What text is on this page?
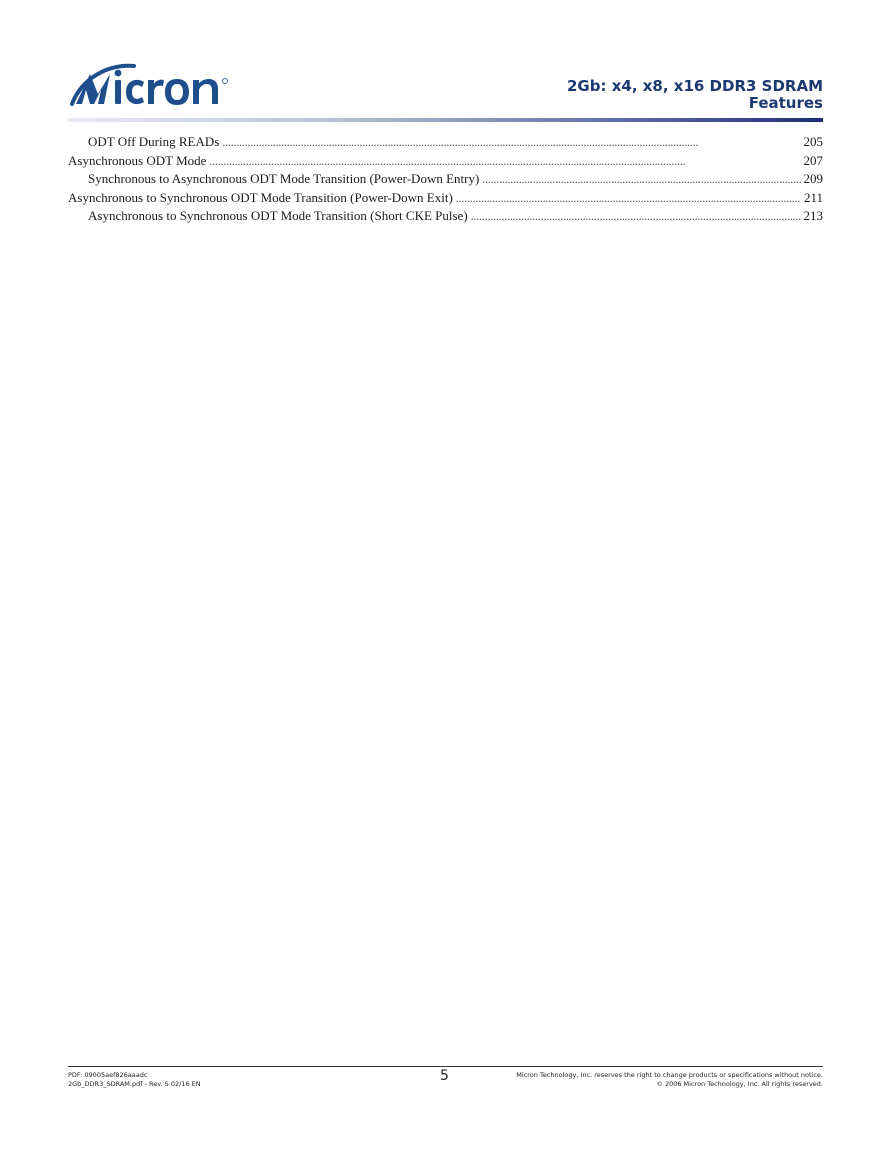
2Gb: x4, x8, x16 DDR3 SDRAM
Features
ODT Off During READs . . .	205
Asynchronous ODT Mode . . .	207
Synchronous to Asynchronous ODT Mode Transition (Power-Down Entry) . . .	209
Asynchronous to Synchronous ODT Mode Transition (Power-Down Exit) . . .	211
Asynchronous to Synchronous ODT Mode Transition (Short CKE Pulse) . . .	213
PDF: 09005aef826aaadc
2Gb_DDR3_SDRAM.pdf - Rev. S 02/16 EN	5	Micron Technology, Inc. reserves the right to change products or specifications without notice.
© 2006 Micron Technology, Inc. All rights reserved.
